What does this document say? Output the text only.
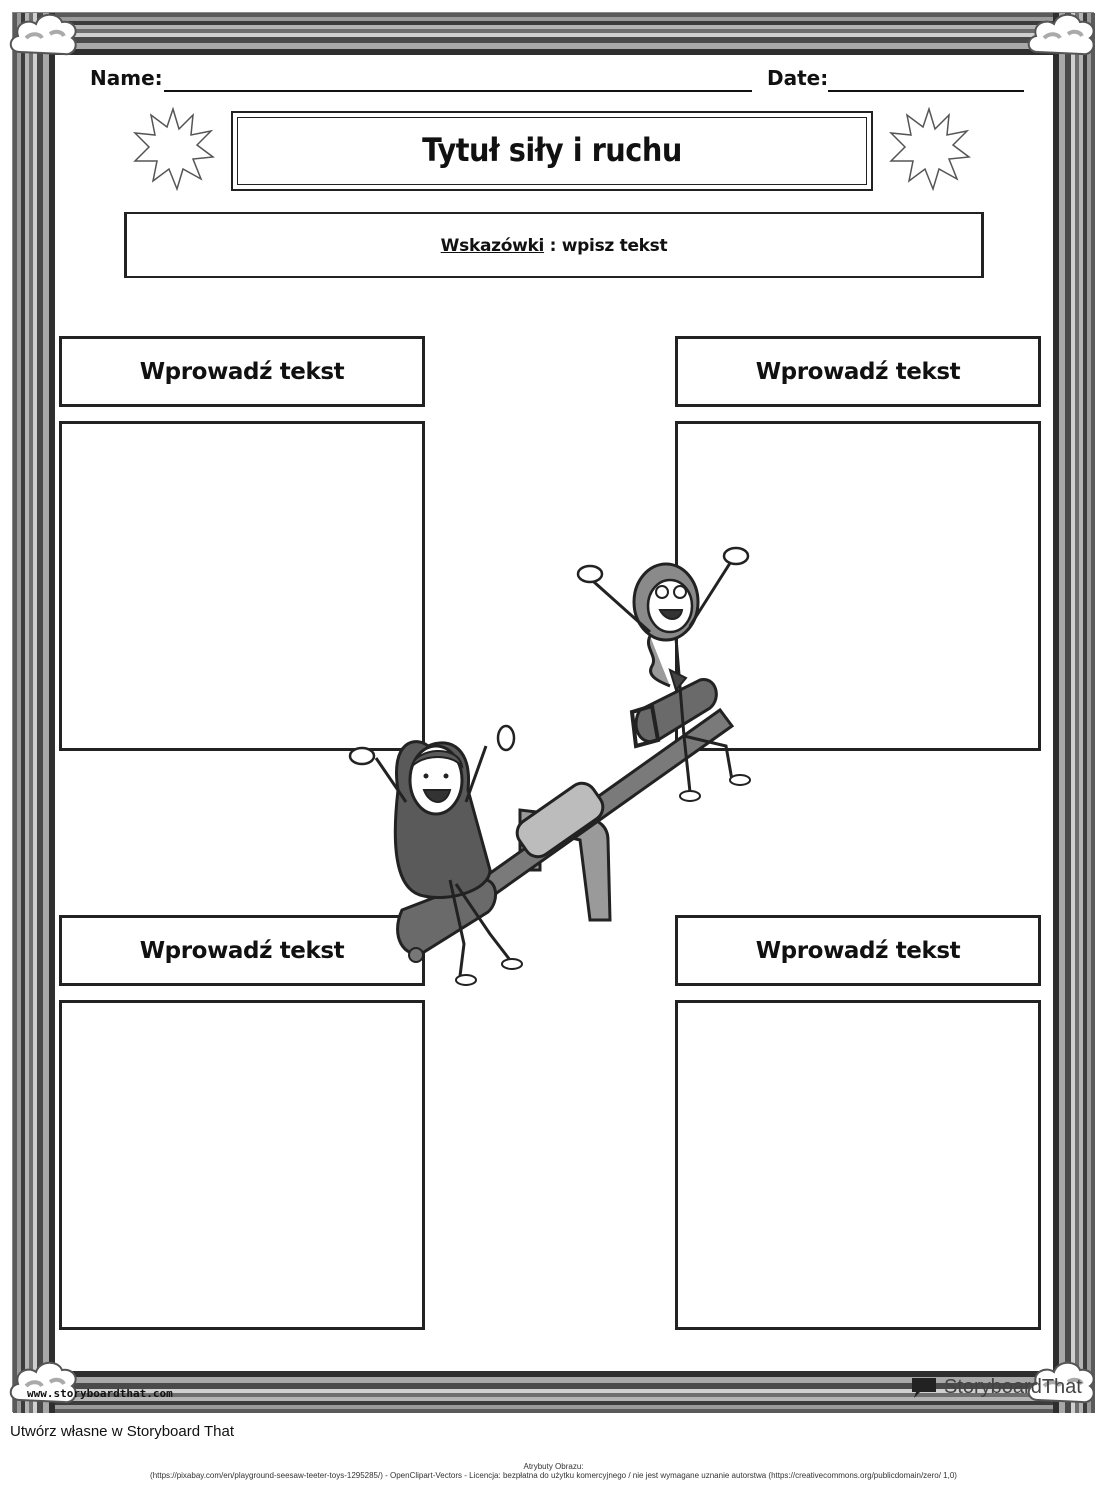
Name:	Date:
Tytuł siły i ruchu
Wskazówki : wpisz tekst
Wprowadź tekst	Wprowadź tekst
Wprowadź tekst	Wprowadź tekst
www.storyboardthat.com	StoryboardThat
Utwórz własne w Storyboard That
Atrybuty Obrazu:
(https://pixabay.com/en/playground-seesaw-teeter-toys-1295285/) - OpenClipart-Vectors - Licencja: bezpłatna do użytku komercyjnego / nie jest wymagane uznanie autorstwa (https://creativecommons.org/publicdomain/zero/ 1,0)
